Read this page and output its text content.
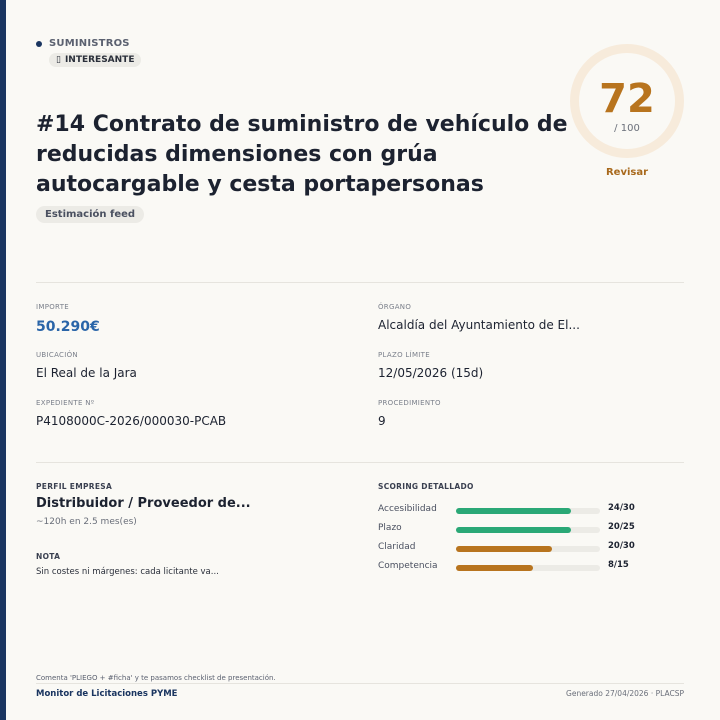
SUMINISTROS
▯ INTERESANTE
#14 Contrato de suministro de vehículo de reducidas dimensiones con grúa autocargable y cesta portapersonas
Estimación feed
72
/ 100
Revisar
IMPORTE
50.290€
ÓRGANO
Alcaldía del Ayuntamiento de El...
UBICACIÓN
El Real de la Jara
PLAZO LÍMITE
12/05/2026 (15d)
EXPEDIENTE Nº
P4108000C-2026/000030-PCAB
PROCEDIMIENTO
9
PERFIL EMPRESA
Distribuidor / Proveedor de...
~120h en 2.5 mes(es)
NOTA
Sin costes ni márgenes: cada licitante va...
SCORING DETALLADO
Accesibilidad	24/30
Plazo	20/25
Claridad	20/30
Competencia	8/15
Comenta 'PLIEGO + #ficha' y te pasamos checklist de presentación.
Monitor de Licitaciones PYME	Generado 27/04/2026 · PLACSP
